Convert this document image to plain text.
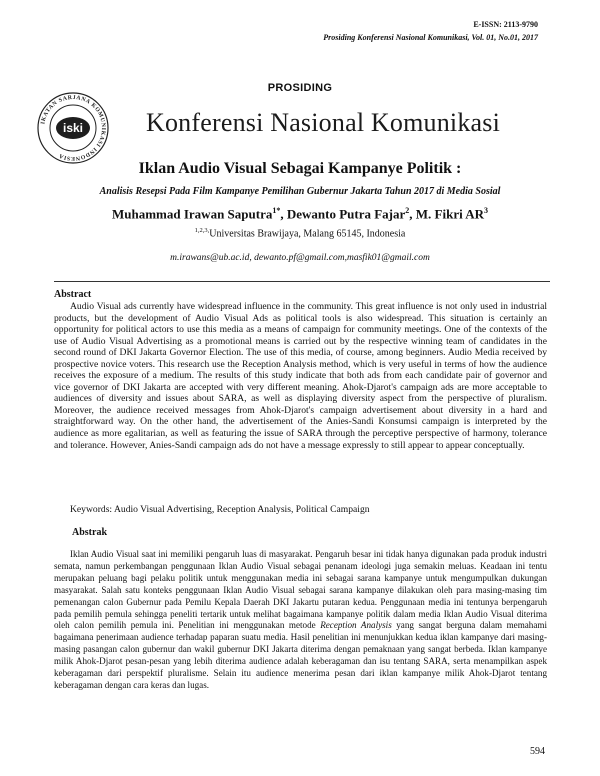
E-ISSN: 2113-9790
Prosiding Konferensi Nasional Komunikasi, Vol. 01, No.01, 2017
PROSIDING
IKATAN SARJANA KOMUNIKASI INDONESIA
iski Konferensi Nasional Komunikasi
Iklan Audio Visual Sebagai Kampanye Politik :
Analisis Resepsi Pada Film Kampanye Pemilihan Gubernur Jakarta Tahun 2017 di Media Sosial
Muhammad Irawan Saputra$^{1*}$, Dewanto Putra Fajar$^2$, M. Fikri $AR^3$
$^{1,2,3,}$Universitas Brawijaya, Malang 65145, Indonesia
m.irawans@ub.ac.id, dewanto.pf@gmail.com,masfik01@gmail.com
Abstract

Audio Visual ads currently have widespread influence in the community. This great influence is not only used in industrial products, but the development of Audio Visual Ads as political tools is also widespread. This situation is certainly an opportunity for political actors to use this media as a means of campaign for community meetings. One of the contexts of the use of Audio Visual Advertising as a promotional means is carried out by the respective winning team of candidates in the second round of DKI Jakarta Governor Election. The use of this media, of course, among beginners. Audio Media received by prospective novice voters. This research use the Reception Analysis method, which is very useful in terms of how the audience receives the exposure of a medium. The results of this study indicate that both ads from each candidate pair of governor and vice governor of DKI Jakarta are accepted with very different meaning. Ahok-Djarot's campaign ads are more acceptable to audiences of diversity and issues about SARA, as well as displaying diversity aspect from the perspective of pluralism. Moreover, the audience received messages from Ahok-Djarot's campaign advertisement about diversity in a hard and straightforward way. On the other hand, the advertisement of the Anies-Sandi Konsumsi campaign is interpreted by the audience as more egalitarian, as well as featuring the issue of SARA through the perceptive perspective of harmony, tolerance and tolerance. However, Anies-Sandi campaign ads do not have a message expressly to still appear to appear conceptually.

Keywords: Audio Visual Advertising, Reception Analysis, Political Campaign
Abstrak

Iklan Audio Visual saat ini memiliki pengaruh luas di masyarakat. Pengaruh besar ini tidak hanya digunakan pada produk industri semata, namun perkembangan penggunaan Iklan Audio Visual sebagai penanam ideologi juga semakin meluas. Keadaan ini tentu merupakan peluang bagi pelaku politik untuk menggunakan media ini sebagai sarana kampanye untuk mengumpulkan dukungan masyarakat. Salah satu konteks penggunaan Iklan Audio Visual sebagai sarana kampanye dilakukan oleh para masing-masing tim pemenangan calon Gubernur pada Pemilu Kepala Daerah DKI Jakartu putaran kedua. Penggunaan media ini tentunya berpengaruh pada pemilih pemula sehingga peneliti tertarik untuk melihat bagaimana kampanye politik dalam media Iklan Audio Visual diterima oleh calon pemilih pemula ini. Penelitian ini menggunakan metode Reception Analysis yang sangat berguna dalam memahami bagaimana penerimaan audience terhadap paparan suatu media. Hasil penelitian ini menunjukkan kedua iklan kampanye dari masing-masing pasangan calon gubernur dan wakil gubernur DKI Jakarta diterima dengan pemaknaan yang sangat berbeda. Iklan kampanye milik Ahok-Djarot pesan-pesan yang lebih diterima audience adalah keberagaman dan isu tentang SARA, serta menampilkan aspek keberagaman dari perspektif pluralisme. Selain itu audience menerima pesan dari iklan kampanye milik Ahok-Djarot tentang keberagaman dengan cara keras dan lugas.

594
